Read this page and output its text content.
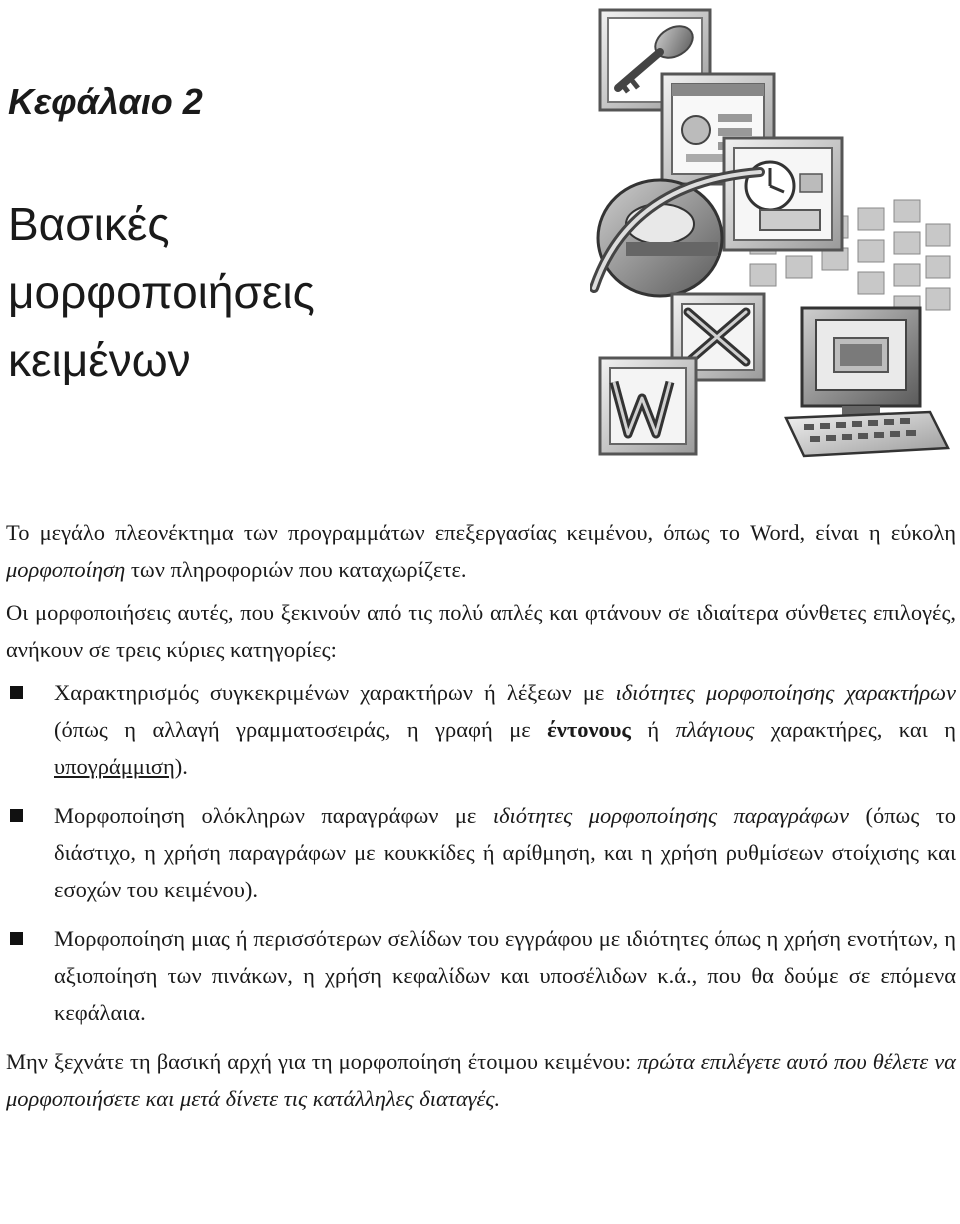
Κεφάλαιο 2
Βασικές
μορφοποιήσεις
κειμένων

Το μεγάλο πλεονέκτημα των προγραμμάτων επεξεργασίας κειμένου, όπως το Word, είναι η εύκολη μορφοποίηση των πληροφοριών που καταχωρίζετε.

Οι μορφοποιήσεις αυτές, που ξεκινούν από τις πολύ απλές και φτάνουν σε ιδιαίτερα σύνθετες επιλογές, ανήκουν σε τρεις κύριες κατηγορίες:

Χαρακτηρισμός συγκεκριμένων χαρακτήρων ή λέξεων με ιδιότητες μορφοποίησης χαρακτήρων (όπως η αλλαγή γραμματοσειράς, η γραφή με έντονους ή πλάγιους χαρακτήρες, και η υπογράμμιση).
Μορφοποίηση ολόκληρων παραγράφων με ιδιότητες μορφοποίησης παραγράφων (όπως το διάστιχο, η χρήση παραγράφων με κουκκίδες ή αρίθμηση, και η χρήση ρυθμίσεων στοίχισης και εσοχών του κειμένου).
Μορφοποίηση μιας ή περισσότερων σελίδων του εγγράφου με ιδιότητες όπως η χρήση ενοτήτων, η αξιοποίηση των πινάκων, η χρήση κεφαλίδων και υποσέλιδων κ.ά., που θα δούμε σε επόμενα κεφάλαια.

Μην ξεχνάτε τη βασική αρχή για τη μορφοποίηση έτοιμου κειμένου: πρώτα επιλέγετε αυτό που θέλετε να μορφοποιήσετε και μετά δίνετε τις κατάλληλες διαταγές.
